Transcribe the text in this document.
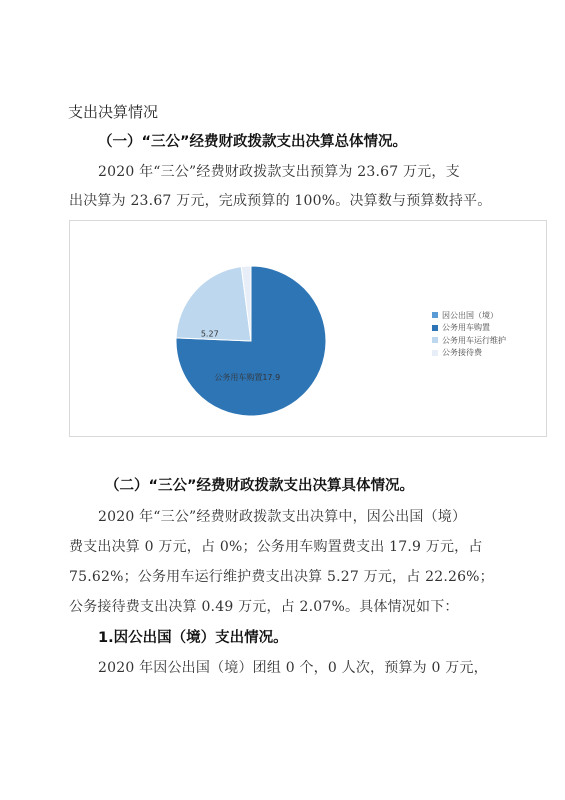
支出决算情况
（一）“三公”经费财政拨款支出决算总体情况。
2020 年“三公”经费财政拨款支出预算为 23.67 万元，支
出决算为 23.67 万元，完成预算的 100%。决算数与预算数持平。
公务用车购置17.9
5.27
因公出国（境）
公务用车购置
公务用车运行维护
公务接待费
（二）“三公”经费财政拨款支出决算具体情况。
2020 年“三公”经费财政拨款支出决算中，因公出国（境）
费支出决算 0 万元，占 0%；公务用车购置费支出 17.9 万元，占
75.62%；公务用车运行维护费支出决算 5.27 万元，占 22.26%；
公务接待费支出决算 0.49 万元，占 2.07%。具体情况如下：
1.因公出国（境）支出情况。
2020 年因公出国（境）团组 0 个，0 人次，预算为 0 万元，
